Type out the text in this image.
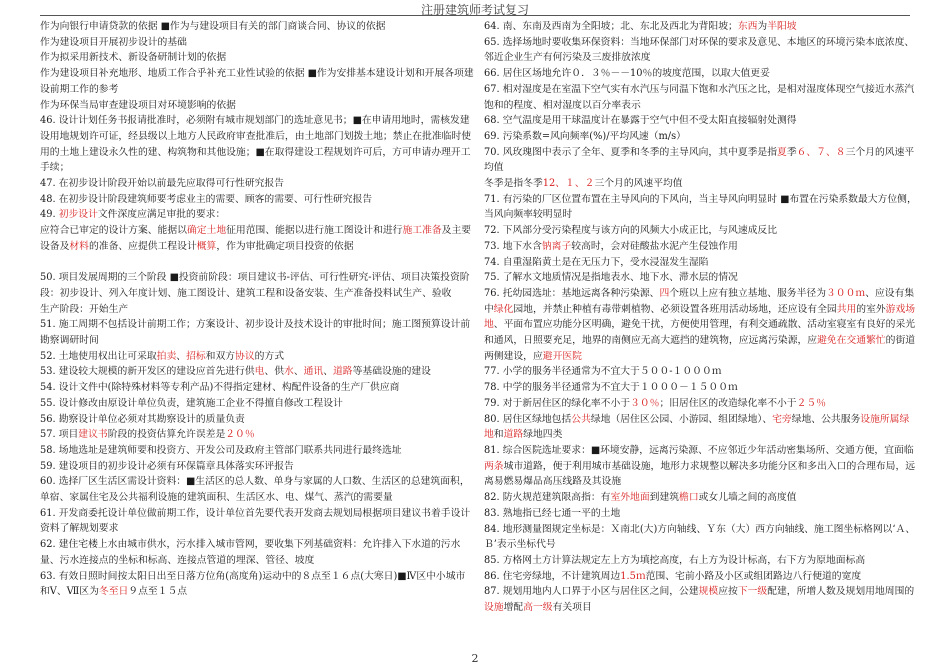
注册建筑师考试复习

作为向银行申请贷款的依据 ■作为与建设项目有关的部门商谈合同、协议的依据

作为建设项目开展初步设计的基础

作为拟采用新技术、新设备研制计划的依据

作为建设项目补充地形、地质工作合乎补充工业性试验的依据 ■作为安排基本建设计划和开展各项建设前期工作的参考

作为环保当局审查建设项目对环境影响的依据

46. 设计计划任务书报请批准时，必须附有城市规划部门的选址意见书；■在申请用地时，需核发建设用地规划许可证，经县级以上地方人民政府审查批准后，由土地部门划拨土地；禁止在批准临时使用的土地上建设永久性的建、构筑物和其他设施；■在取得建设工程规划许可后，方可申请办理开工手续；

47. 在初步设计阶段开始以前最先应取得可行性研究报告

48. 在初步设计阶段建筑师要考虑业主的需要、顾客的需要、可行性研究报告

49. 初步设计文件深度应满足审批的要求：

应符合已审定的设计方案、能据以确定土地征用范围、能据以进行施工图设计和进行施工准备及主要设备及材料的准备、应提供工程设计概算，作为审批确定项目投资的依据

50. 项目发展周期的三个阶段 ■投资前阶段：项目建议书-评估、可行性研究-评估、项目决策投资阶段：初步设计、列入年度计划、施工图设计、建筑工程和设备安装、生产准备投料试生产、验收

生产阶段：开始生产

51. 施工周期不包括设计前期工作；方案设计、初步设计及技术设计的审批时间；施工图预算设计前勘察调研时间

52. 土地使用权出让可采取拍卖、招标和双方协议的方式

53. 建设较大规模的新开发区的建设应首先进行供电、供水、通讯、道路等基础设施的建设

54. 设计文件中(除特殊材料等专利产品)不得指定建材、构配件设备的生产厂供应商

55. 设计修改由原设计单位负责，建筑施工企业不得擅自修改工程设计

56. 勘察设计单位必须对其勘察设计的质量负责

57. 项目建议书阶段的投资估算允许误差是２０％

58. 场地选址是建筑师要和投资方、开发公司及政府主管部门联系共同进行最终选址

59. 建设项目的初步设计必须有环保篇章具体落实环评报告

60. 选择厂区生活区需设计资料：■生活区的总人数、单身与家属的人口数、生活区的总建筑面积，单宿、家属住宅及公共福利设施的建筑面积、生活区水、电、煤气、蒸汽的需要量

61. 开发商委托设计单位做前期工作，设计单位首先要代表开发商去规划局根据项目建议书着手设计资料了解规划要求

62. 建住宅楼上水由城市供水，污水排入城市管网，要收集下列基础资料：允许排入下水道的污水量、污水连接点的坐标和标高、连接点管道的埋深、管径、坡度

63. 有效日照时间按太阳日出至日落方位角(高度角)运动中的８点至１６点(大寒日)■Ⅳ区中小城市和Ⅴ、Ⅶ区为冬至日９点至１５点

64. 南、东南及西南为全阳坡；北、东北及西北为背阳坡；东西为半阳坡

65. 选择场地时要收集环保资料：当地环保部门对环保的要求及意见、本地区的环境污染本底浓度、邻近企业生产有何污染及三废排放浓度

66. 居住区场地允许０．３％－－10％的坡度范围，以取大值更妥

67. 相对湿度是在室温下空气实有水汽压与同温下饱和水汽压之比，是相对湿度体现空气接近水蒸汽饱和的程度、相对湿度以百分率表示

68. 空气温度是用干球温度计在暴露于空气中但不受太阳直接辐射处测得

69. 污染系数=风向频率(%)/平均风速（m/s）

70. 风玫瑰图中表示了全年、夏季和冬季的主导风向，其中夏季是指夏季６、７、８三个月的风速平均值

冬季是指冬季12、１、２三个月的风速平均值

71. 有污染的厂区位置布置在主导风向的下风向，当主导风向明显时 ■布置在污染系数最大方位侧，当风向频率较明显时

72. 下风部分受污染程度与该方向的风频大小成正比，与风速成反比

73. 地下水含钠离子较高时，会对硅酸盐水泥产生侵蚀作用

74. 自重湿陷黄土是在无压力下，受水浸湿发生湿陷

75. 了解水文地质情况是指地表水、地下水、滞水层的情况

76. 托幼园选址：基地远离各种污染源、四个班以上应有独立基地、服务半径为３００ｍ、应设有集中绿化园地，并禁止种植有毒带刺植物、必须设置各班用活动场地，还应设有全园共用的室外游戏场地、平面布置应功能分区明确，避免干扰，方便使用管理，有利交通疏散、活动室寝室有良好的采光和通风，日照要充足，地界的南侧应无高大遮挡的建筑物，应远离污染源，应避免在交通繁忙的街道两侧建设，应避开医院

77. 小学的服务半径通常为不宜大于５００-１０００ｍ

78. 中学的服务半径通常为不宜大于１０００－１５００ｍ

79. 对于新居住区的绿化率不小于３０％；旧居住区的改造绿化率不小于２５％

80. 居住区绿地包括公共绿地（居住区公园、小游园、组团绿地）、宅旁绿地、公共服务设施所属绿地和道路绿地四类

81. 综合医院选址要求：■环境安静，远离污染源、不应邻近少年活动密集场所、交通方便，宜面临两条城市道路，便于利用城市基础设施，地形力求规整以解决多功能分区和多出入口的合理布局，远离易燃易爆品高压线路及其设施

82. 防火规范建筑限高指：有室外地面到建筑檐口或女儿墙之间的高度值

83. 熟地指已经七通一平的土地

84. 地形测量图规定坐标是：Ｘ南北(大)方向轴线、Ｙ东（大）西方向轴线、施工图坐标格网以‘Ａ、Ｂ’表示坐标代号

85. 方格网土方计算法规定左上方为填挖高度，右上方为设计标高，右下方为原地面标高

86. 住宅旁绿地，不计建筑周边1.5ｍ范围、宅前小路及小区或组团路边八行便道的宽度

87. 规划用地内人口界于小区与居住区之间，公建规模应按下一级配建，所增人数及规划用地周围的设施增配高一级有关项目

2
